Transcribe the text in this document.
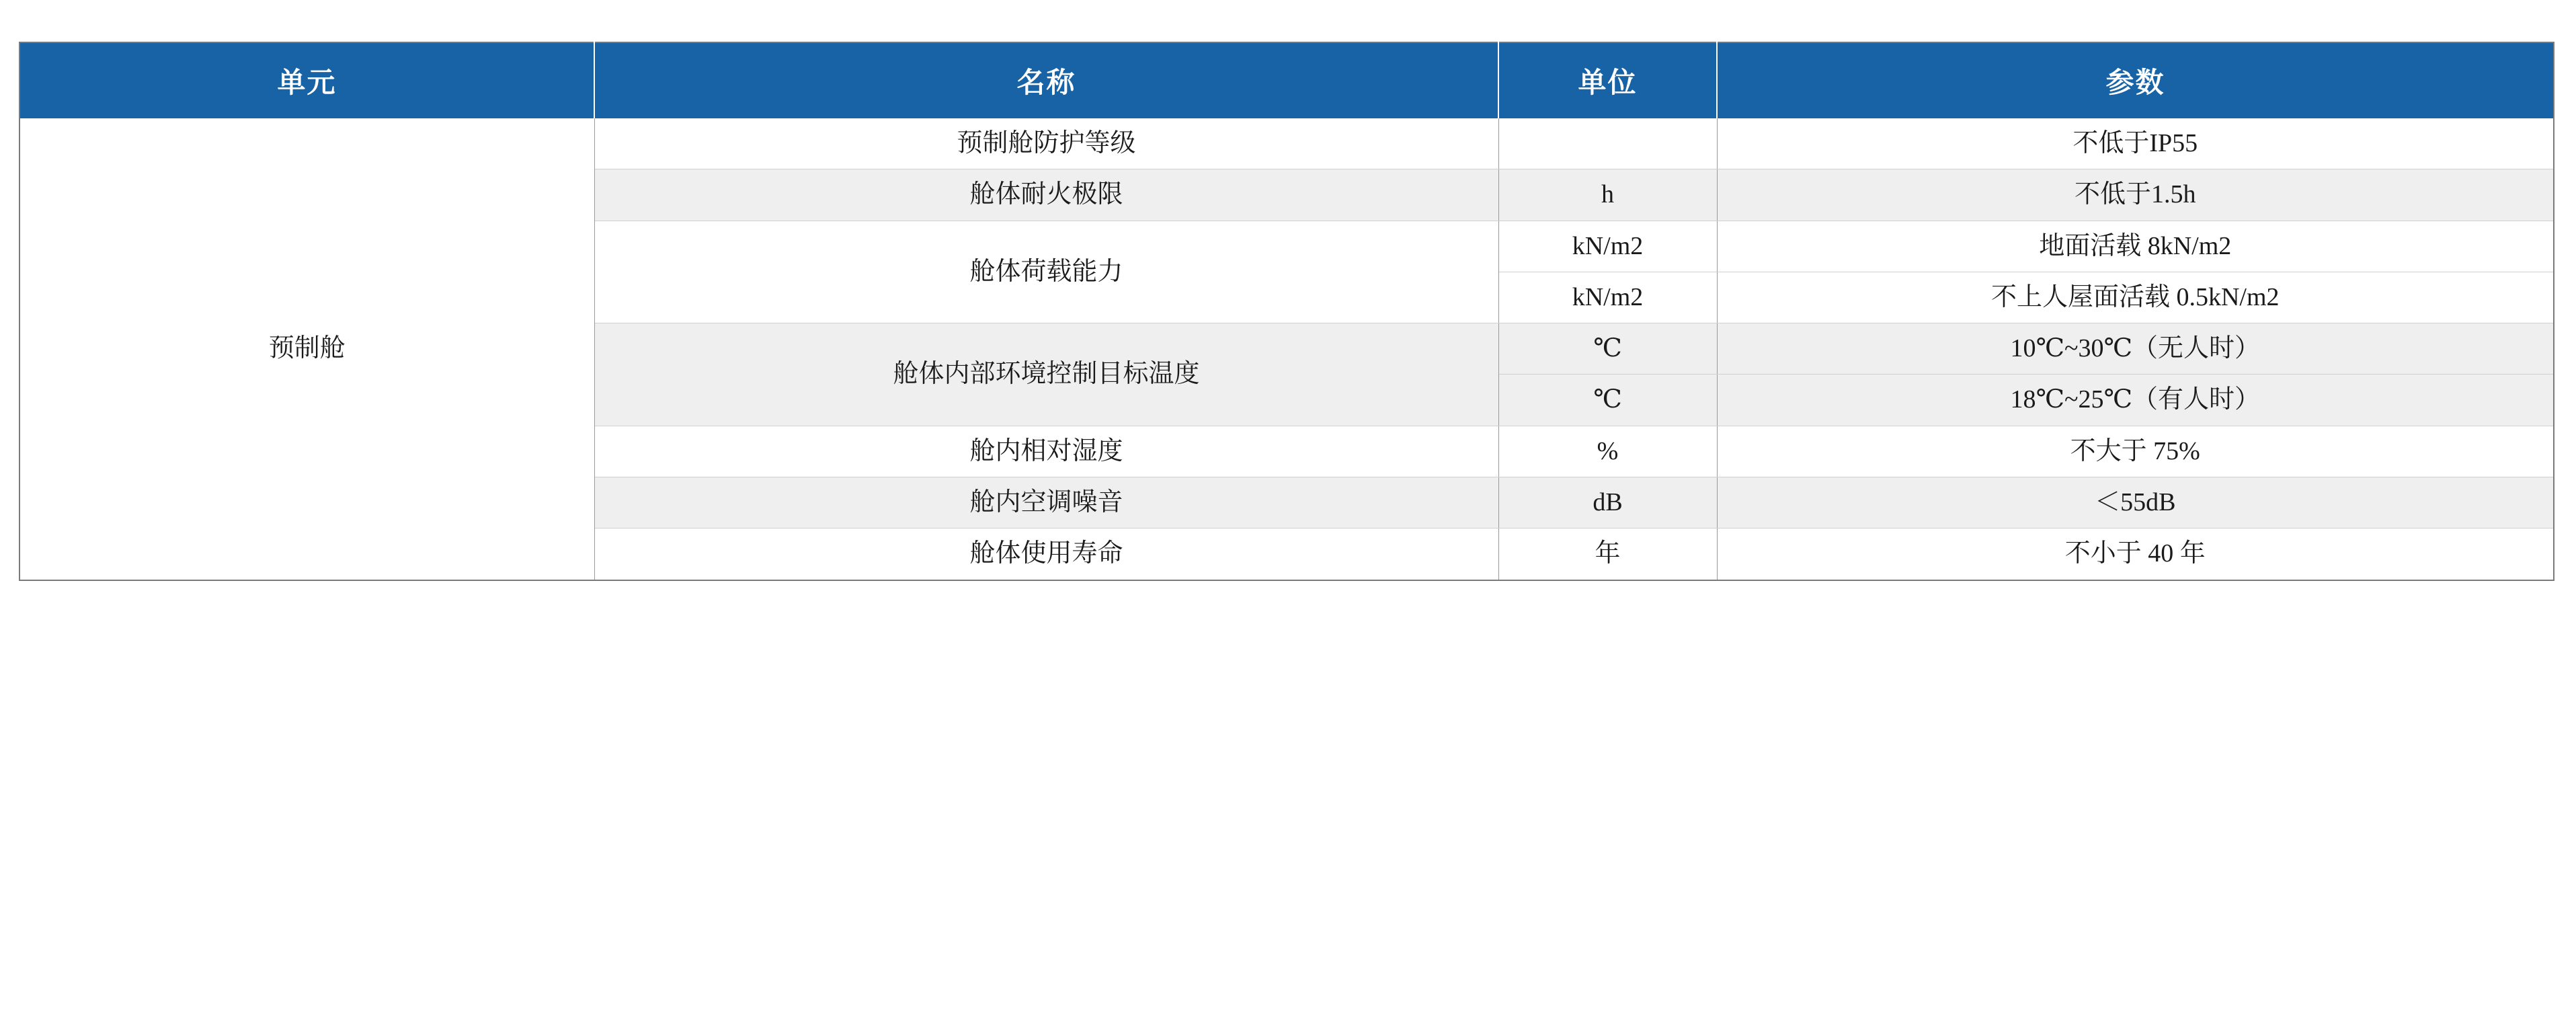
单元	名称	单位	参数
预制舱	预制舱防护等级		不低于IP55
	舱体耐火极限	h	不低于1.5h
	舱体荷载能力	kN/m2	地面活载 8kN/m2
		kN/m2	不上人屋面活载 0.5kN/m2
	舱体内部环境控制目标温度	℃	10℃~30℃（无人时）
		℃	18℃~25℃（有人时）
	舱内相对湿度	%	不大于 75%
	舱内空调噪音	dB	＜55dB
	舱体使用寿命	年	不小于 40 年
